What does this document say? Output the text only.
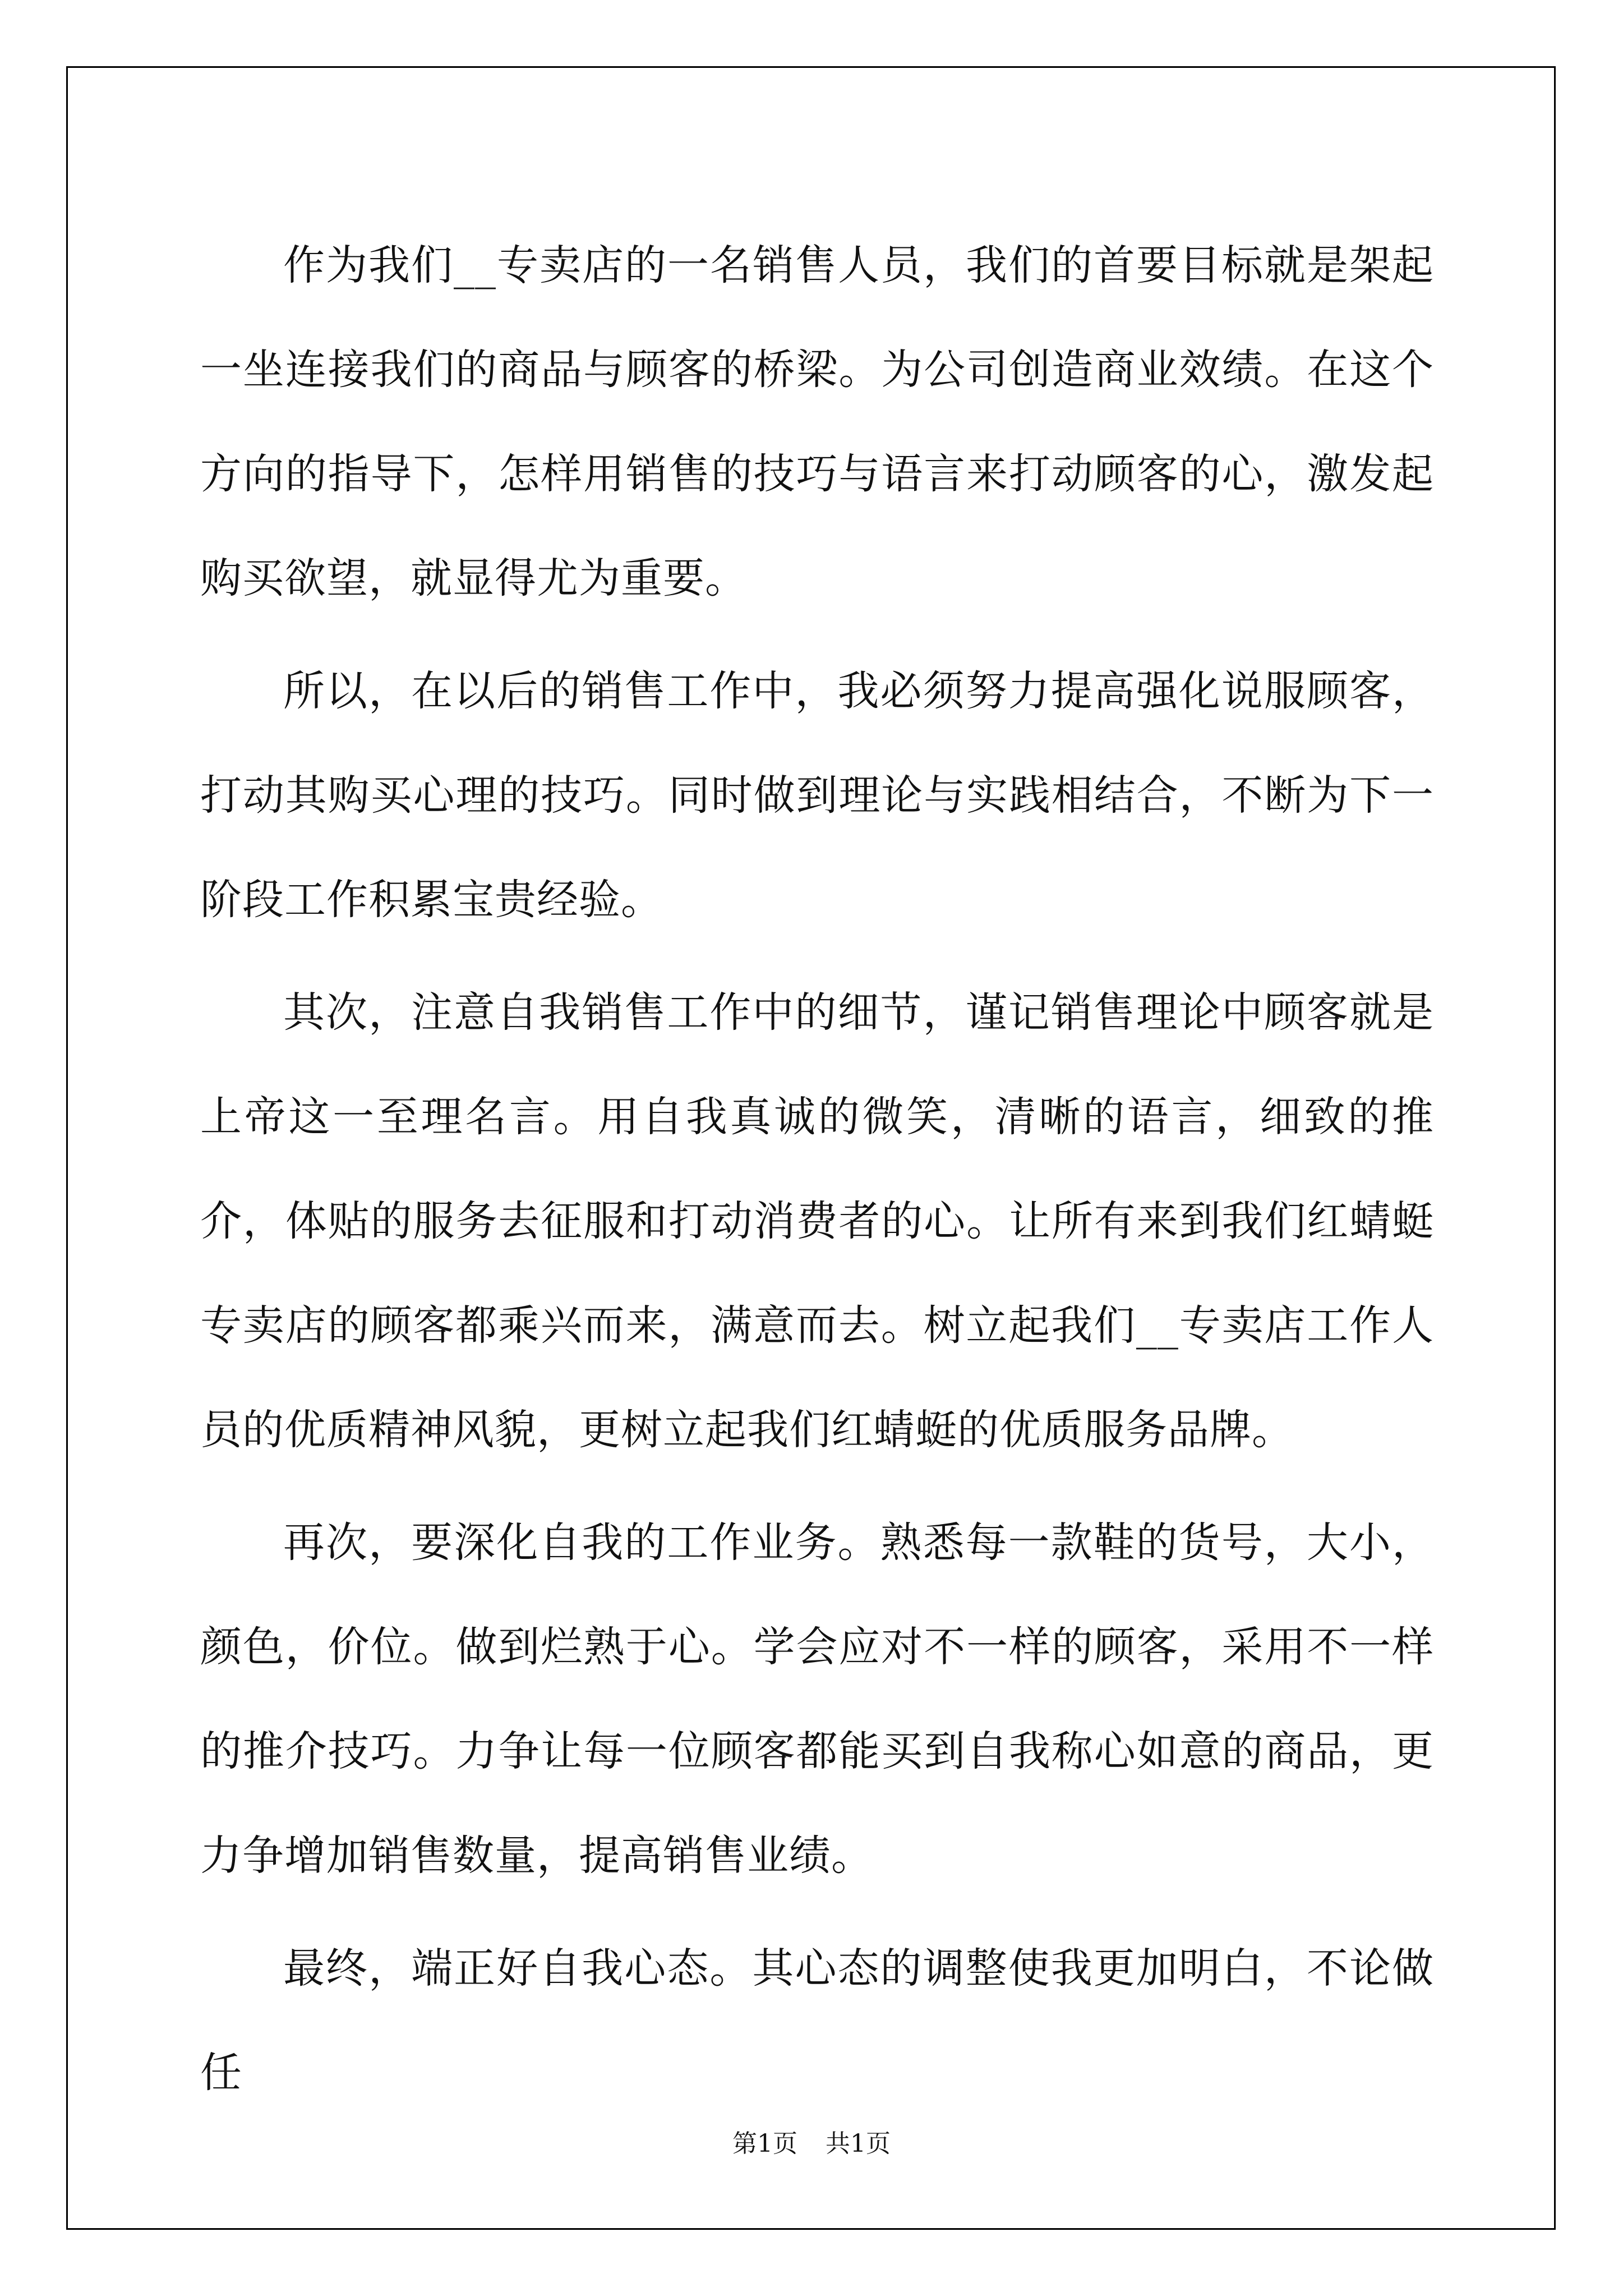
作为我们__专卖店的一名销售人员，我们的首要目标就是架起一坐连接我们的商品与顾客的桥梁。为公司创造商业效绩。在这个方向的指导下，怎样用销售的技巧与语言来打动顾客的心，激发起购买欲望，就显得尤为重要。

所以，在以后的销售工作中，我必须努力提高强化说服顾客，打动其购买心理的技巧。同时做到理论与实践相结合，不断为下一阶段工作积累宝贵经验。

其次，注意自我销售工作中的细节，谨记销售理论中顾客就是上帝这一至理名言。用自我真诚的微笑，清晰的语言，细致的推介，体贴的服务去征服和打动消费者的心。让所有来到我们红蜻蜓专卖店的顾客都乘兴而来，满意而去。树立起我们__专卖店工作人员的优质精神风貌，更树立起我们红蜻蜓的优质服务品牌。

再次，要深化自我的工作业务。熟悉每一款鞋的货号，大小，颜色，价位。做到烂熟于心。学会应对不一样的顾客，采用不一样的推介技巧。力争让每一位顾客都能买到自我称心如意的商品，更力争增加销售数量，提高销售业绩。

最终，端正好自我心态。其心态的调整使我更加明白，不论做任

第1页 共1页
